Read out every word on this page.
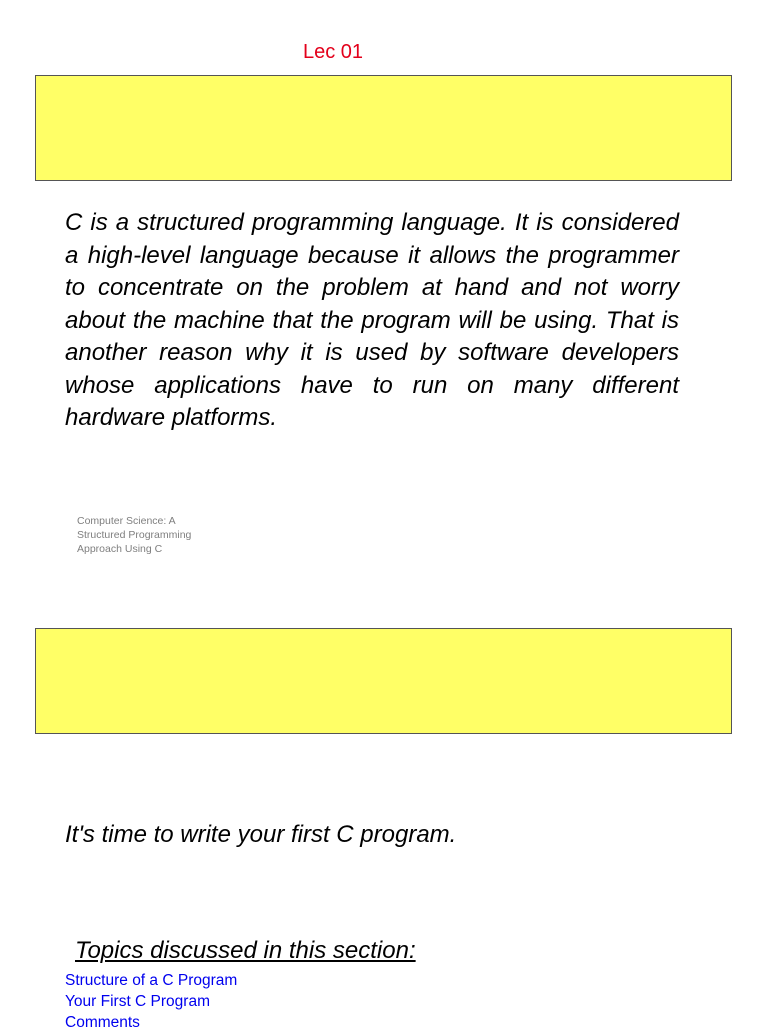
Lec 01

C is a structured programming language. It is considered a high-level language because it allows the programmer to concentrate on the problem at hand and not worry about the machine that the program will be using. That is another reason why it is used by software developers whose applications have to run on many different hardware platforms.

Computer Science: A
Structured Programming
Approach Using C

It's time to write your first C program.

Topics discussed in this section:

Structure of a C Program
Your First C Program
Comments
